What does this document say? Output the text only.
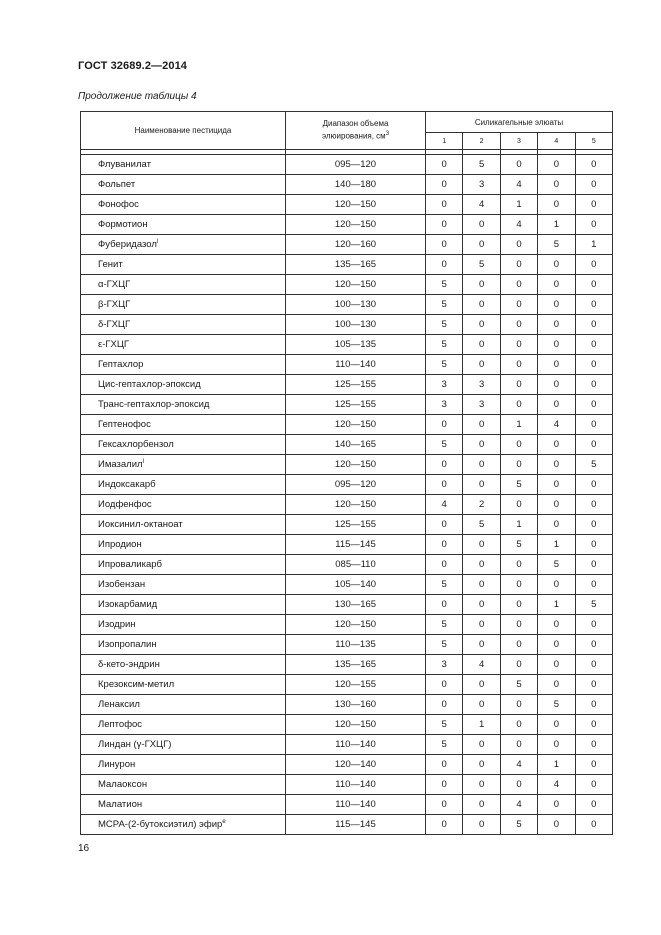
ГОСТ 32689.2—2014
Продолжение таблицы 4
Наименование пестицида	Диапазон объема
элюирования, $см^3$	Силикагельные элюаты				
		1	2	3	4	5

Флуванилат	095—120	0	5	0	0	0
Фольпет	140—180	0	3	4	0	0
Фонофос	120—150	0	4	1	0	0
Формотион	120—150	0	0	4	1	0
Фуберидазол$^l$	120—160	0	0	0	5	1
Генит	135—165	0	5	0	0	0
α-ГХЦГ	120—150	5	0	0	0	0
β-ГХЦГ	100—130	5	0	0	0	0
δ-ГХЦГ	100—130	5	0	0	0	0
ε-ГХЦГ	105—135	5	0	0	0	0
Гептахлор	110—140	5	0	0	0	0
Цис-гептахлор-эпоксид	125—155	3	3	0	0	0
Транс-гептахлор-эпоксид	125—155	3	3	0	0	0
Гептенофос	120—150	0	0	1	4	0
Гексахлорбензол	140—165	5	0	0	0	0
Имазалил$^l$	120—150	0	0	0	0	5
Индоксакарб	095—120	0	0	5	0	0
Иодфенфос	120—150	4	2	0	0	0
Иоксинил-октаноат	125—155	0	5	1	0	0
Ипродион	115—145	0	0	5	1	0
Ипроваликарб	085—110	0	0	0	5	0
Изобензан	105—140	5	0	0	0	0
Изокарбамид	130—165	0	0	0	1	5
Изодрин	120—150	5	0	0	0	0
Изопропалин	110—135	5	0	0	0	0
δ-кето-эндрин	135—165	3	4	0	0	0
Крезоксим-метил	120—155	0	0	5	0	0
Ленаксил	130—160	0	0	0	5	0
Лептофос	120—150	5	1	0	0	0
Линдан (γ-ГХЦГ)	110—140	5	0	0	0	0
Линурон	120—140	0	0	4	1	0
Малаоксон	110—140	0	0	0	4	0
Малатион	110—140	0	0	4	0	0
МСРА-(2-бутоксиэтил) эфир$^e$	115—145	0	0	5	0	0
16
